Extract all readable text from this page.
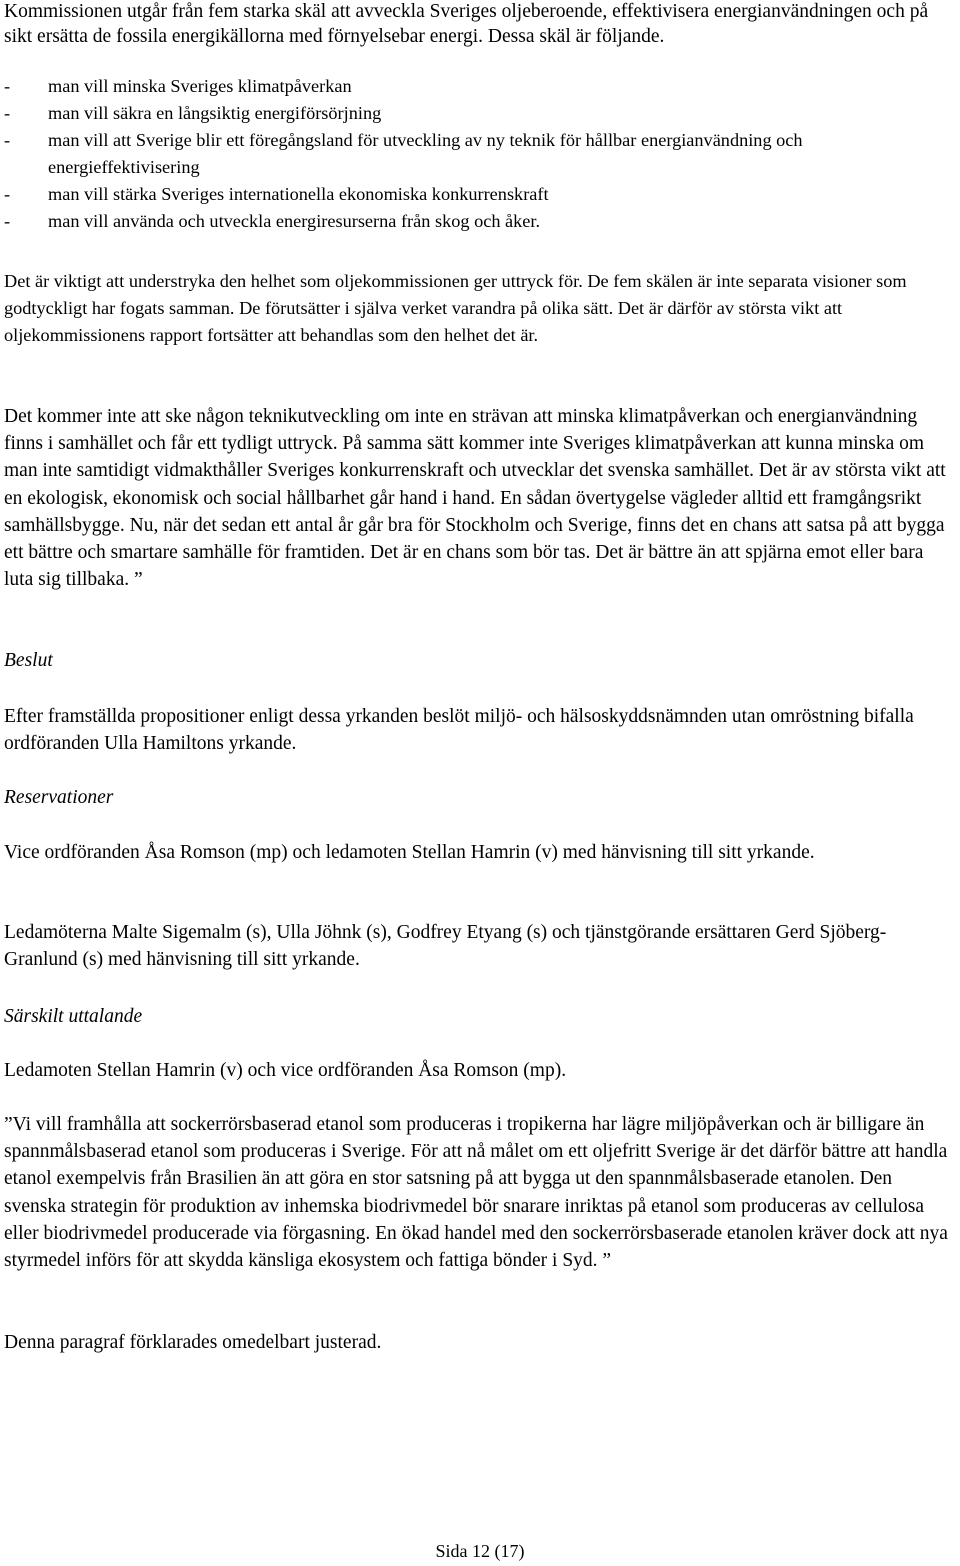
Kommissionen utgår från fem starka skäl att avveckla Sveriges oljeberoende, effektivisera energianvändningen och på sikt ersätta de fossila energikällorna med förnyelsebar energi. Dessa skäl är följande.

- man vill minska Sveriges klimatpåverkan
- man vill säkra en långsiktig energiförsörjning
- man vill att Sverige blir ett föregångsland för utveckling av ny teknik för hållbar energianvändning och energieffektivisering
- man vill stärka Sveriges internationella ekonomiska konkurrenskraft
- man vill använda och utveckla energiresurserna från skog och åker.

Det är viktigt att understryka den helhet som oljekommissionen ger uttryck för. De fem skälen är inte separata visioner som godtyckligt har fogats samman. De förutsätter i själva verket varandra på olika sätt. Det är därför av största vikt att oljekommissionens rapport fortsätter att behandlas som den helhet det är.

Det kommer inte att ske någon teknikutveckling om inte en strävan att minska klimatpåverkan och energianvändning finns i samhället och får ett tydligt uttryck. På samma sätt kommer inte Sveriges klimatpåverkan att kunna minska om man inte samtidigt vidmakthåller Sveriges konkurrenskraft och utvecklar det svenska samhället. Det är av största vikt att en ekologisk, ekonomisk och social hållbarhet går hand i hand. En sådan övertygelse vägleder alltid ett framgångsrikt samhällsbygge. Nu, när det sedan ett antal år går bra för Stockholm och Sverige, finns det en chans att satsa på att bygga ett bättre och smartare samhälle för framtiden. Det är en chans som bör tas. Det är bättre än att spjärna emot eller bara luta sig tillbaka. ”

Beslut

Efter framställda propositioner enligt dessa yrkanden beslöt miljö- och hälsoskyddsnämnden utan omröstning bifalla ordföranden Ulla Hamiltons yrkande.

Reservationer

Vice ordföranden Åsa Romson (mp) och ledamoten Stellan Hamrin (v) med hänvisning till sitt yrkande.

Ledamöterna Malte Sigemalm (s), Ulla Jöhnk (s), Godfrey Etyang (s) och tjänstgörande ersättaren Gerd Sjöberg-Granlund (s) med hänvisning till sitt yrkande.

Särskilt uttalande

Ledamoten Stellan Hamrin (v) och vice ordföranden Åsa Romson (mp).

”Vi vill framhålla att sockerrörsbaserad etanol som produceras i tropikerna har lägre miljöpåverkan och är billigare än spannmålsbaserad etanol som produceras i Sverige. För att nå målet om ett oljefritt Sverige är det därför bättre att handla etanol exempelvis från Brasilien än att göra en stor satsning på att bygga ut den spannmålsbaserade etanolen. Den svenska strategin för produktion av inhemska biodrivmedel bör snarare inriktas på etanol som produceras av cellulosa eller biodrivmedel producerade via förgasning. En ökad handel med den sockerrörsbaserade etanolen kräver dock att nya styrmedel införs för att skydda känsliga ekosystem och fattiga bönder i Syd. ”

Denna paragraf förklarades omedelbart justerad.

Sida 12 (17)
